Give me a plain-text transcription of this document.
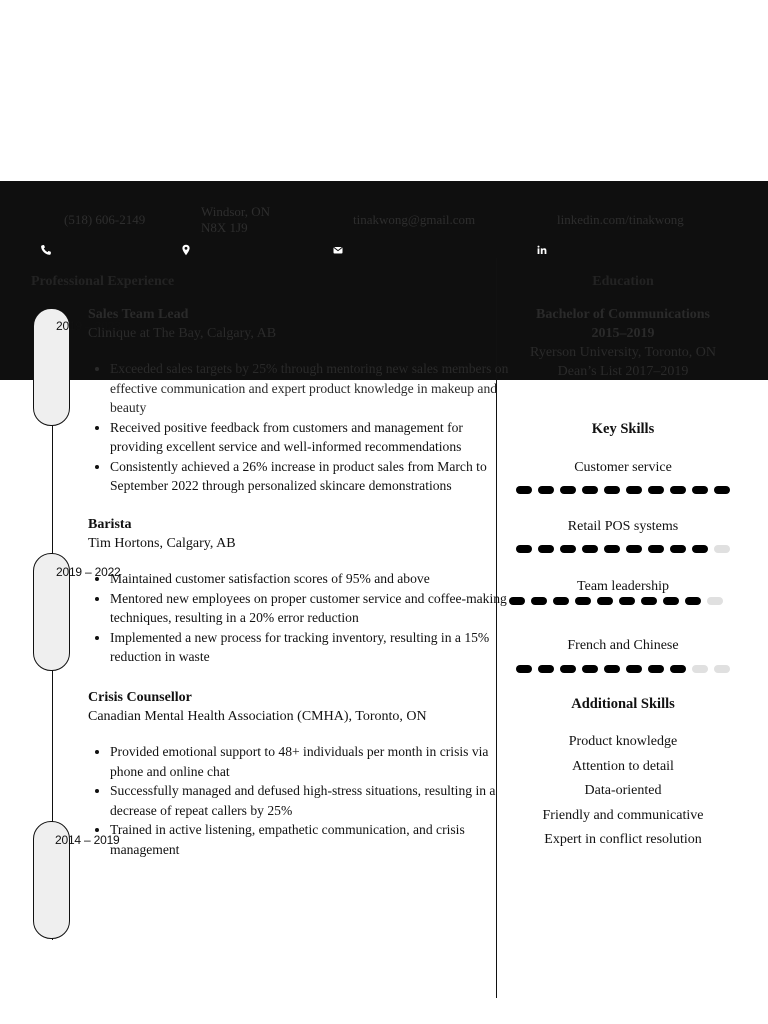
(518) 606-2149
Windsor, ON
N8X 1J9
tinakwong@gmail.com	linkedin.com/tinakwong
Professional Experience
2019 – 2023
2019 – 2022
2014 – 2019
Sales Team Lead
Clinique at The Bay, Calgary, AB
• Exceeded sales targets by 25% through mentoring new sales members on effective communication and expert product knowledge in makeup and beauty
• Received positive feedback from customers and management for providing excellent service and well-informed recommendations
• Consistently achieved a 26% increase in product sales from March to September 2022 through personalized skincare demonstrations
Barista
Tim Hortons, Calgary, AB
• Maintained customer satisfaction scores of 95% and above
• Mentored new employees on proper customer service and coffee-making techniques, resulting in a 20% error reduction
• Implemented a new process for tracking inventory, resulting in a 15% reduction in waste
Crisis Counsellor
Canadian Mental Health Association (CMHA), Toronto, ON
• Provided emotional support to 48+ individuals per month in crisis via phone and online chat
• Successfully managed and defused high-stress situations, resulting in a decrease of repeat callers by 25%
• Trained in active listening, empathetic communication, and crisis management
Education
Bachelor of Communications
2015–2019
Ryerson University, Toronto, ON
Dean’s List 2017–2019
Key Skills
Customer service
Retail POS systems
Team leadership
French and Chinese
Additional Skills
Product knowledge
Attention to detail
Data-oriented
Friendly and communicative
Expert in conflict resolution
